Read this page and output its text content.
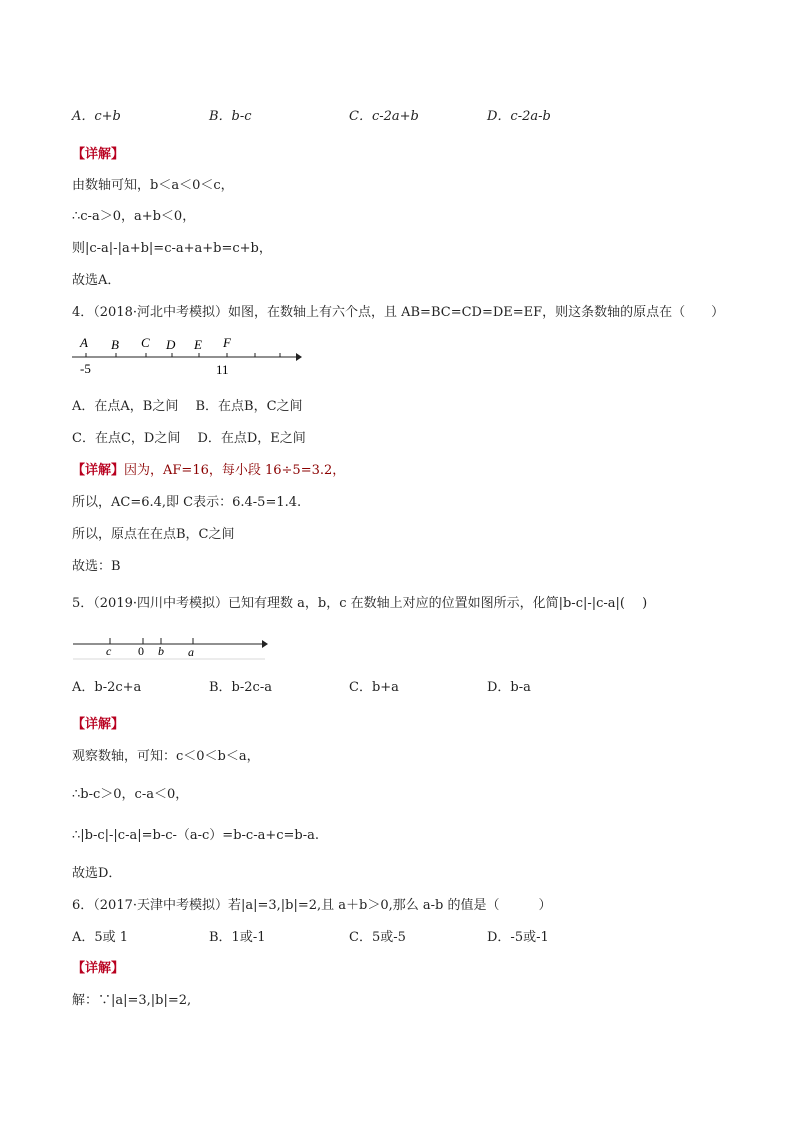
A．c+b	B．b-c	C．c-2a+b	D．c-2a-b
【详解】
由数轴可知，b＜a＜0＜c，
∴c-a＞0，a+b＜0，
则|c-a|-|a+b|=c-a+a+b=c+b，
故选A．
4．（2018·河北中考模拟）如图，在数轴上有六个点，且 AB=BC=CD=DE=EF，则这条数轴的原点在（　　）
A B C D E F
-5	11
A．在点A，B之间　 B．在点B，C之间
C．在点C，D之间　 D．在点D，E之间
【详解】因为，AF=16，每小段 16÷5=3.2，
所以，AC=6.4,即 C表示：6.4-5=1.4.
所以，原点在在点B，C之间
故选：B
5．（2019·四川中考模拟）已知有理数 a，b，c 在数轴上对应的位置如图所示，化简|b-c|-|c-a|(　 )
c 0 b a
A．b-2c+a	B．b-2c-a	C．b+a	D．b-a
【详解】
观察数轴，可知：c＜0＜b＜a，
∴b-c＞0，c-a＜0，
∴|b-c|-|c-a|=b-c-（a-c）=b-c-a+c=b-a.
故选D．
6．（2017·天津中考模拟）若|a|=3,|b|=2,且 a＋b＞0,那么 a-b 的值是（　　　）
A．5或 1	B．1或-1	C．5或-5	D．-5或-1
【详解】
解：∵|a|=3,|b|=2,
